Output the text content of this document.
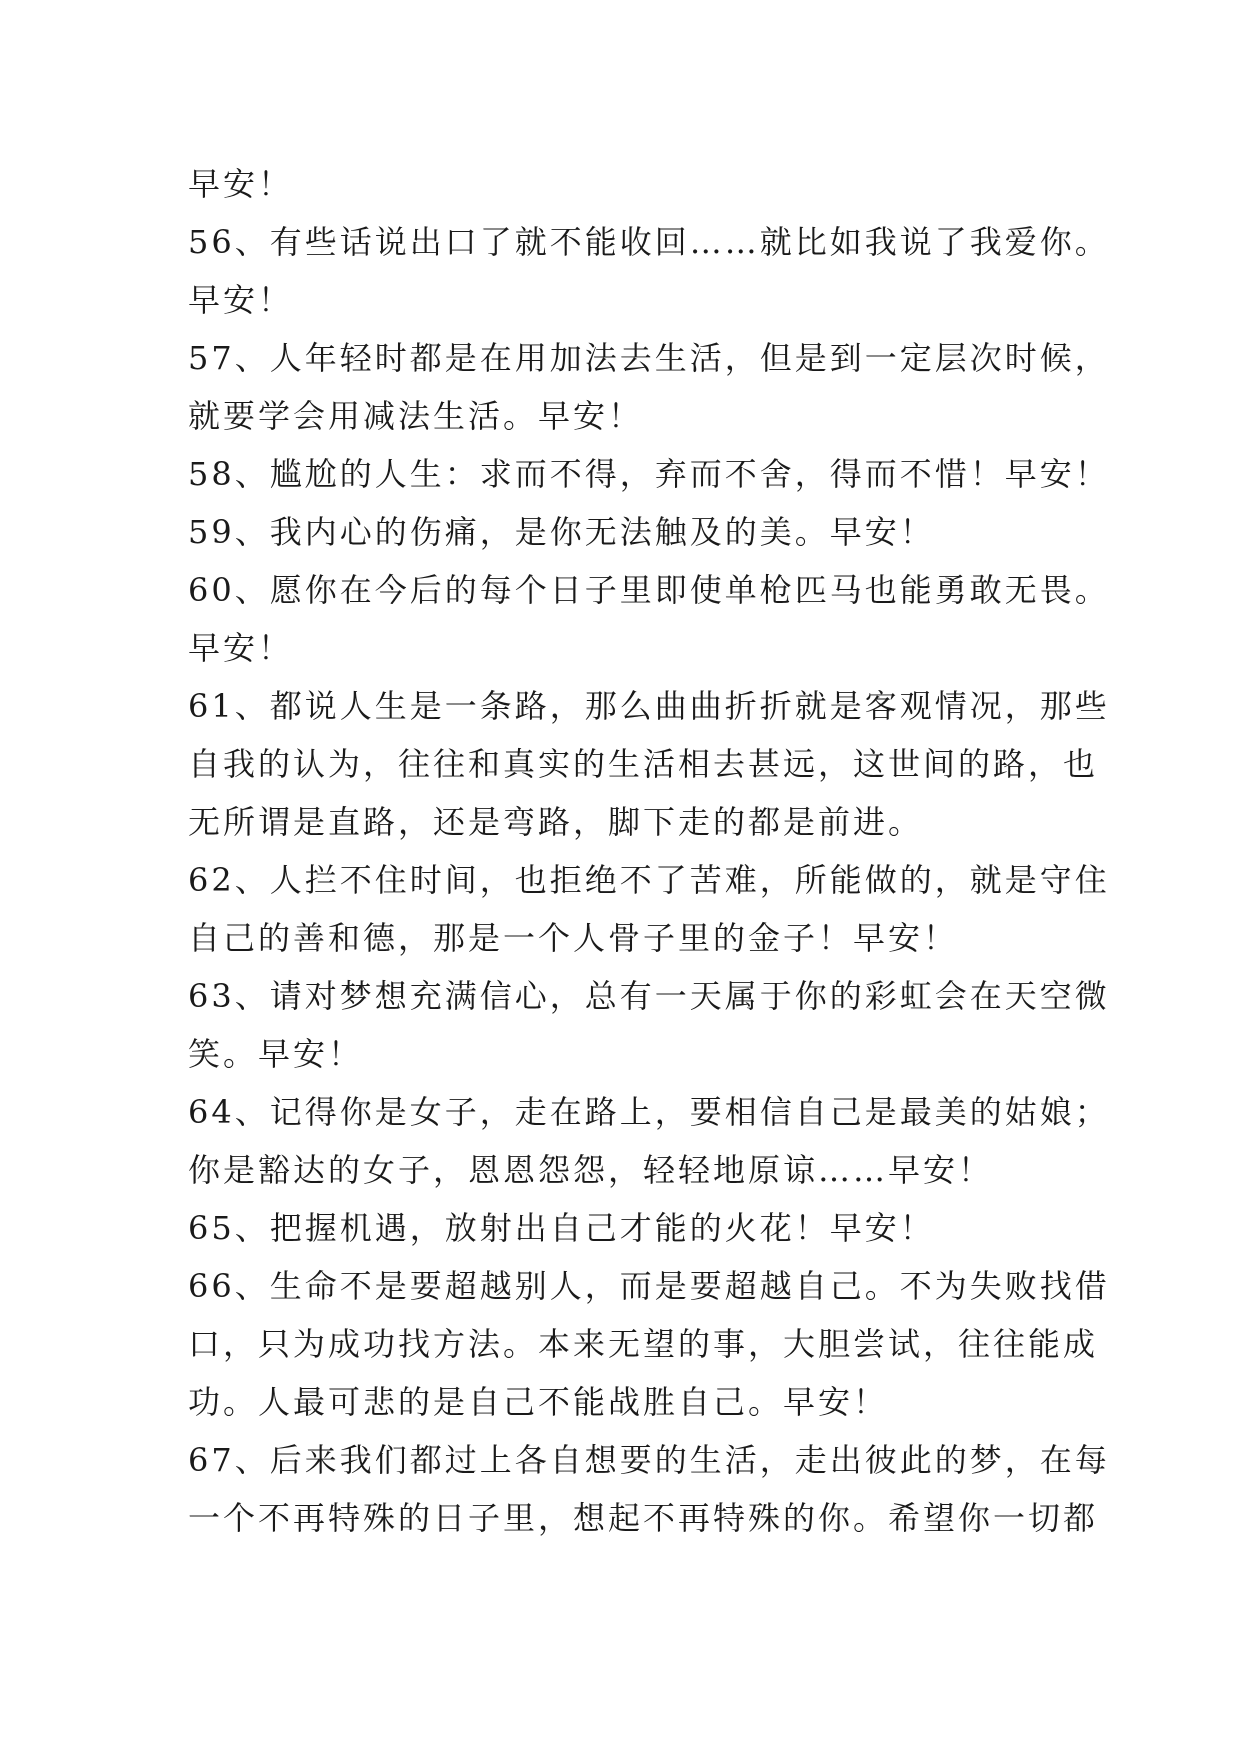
早安！
56、有些话说出口了就不能收回……就比如我说了我爱你。
早安！
57、人年轻时都是在用加法去生活，但是到一定层次时候，
就要学会用减法生活。早安！
58、尴尬的人生：求而不得，弃而不舍，得而不惜！早安！
59、我内心的伤痛，是你无法触及的美。早安！
60、愿你在今后的每个日子里即使单枪匹马也能勇敢无畏。
早安！
61、都说人生是一条路，那么曲曲折折就是客观情况，那些
自我的认为，往往和真实的生活相去甚远，这世间的路，也
无所谓是直路，还是弯路，脚下走的都是前进。
62、人拦不住时间，也拒绝不了苦难，所能做的，就是守住
自己的善和德，那是一个人骨子里的金子！早安！
63、请对梦想充满信心，总有一天属于你的彩虹会在天空微
笑。早安！
64、记得你是女子，走在路上，要相信自己是最美的姑娘；
你是豁达的女子，恩恩怨怨，轻轻地原谅……早安！
65、把握机遇，放射出自己才能的火花！早安！
66、生命不是要超越别人，而是要超越自己。不为失败找借
口，只为成功找方法。本来无望的事，大胆尝试，往往能成
功。人最可悲的是自己不能战胜自己。早安！
67、后来我们都过上各自想要的生活，走出彼此的梦，在每
一个不再特殊的日子里，想起不再特殊的你。希望你一切都
